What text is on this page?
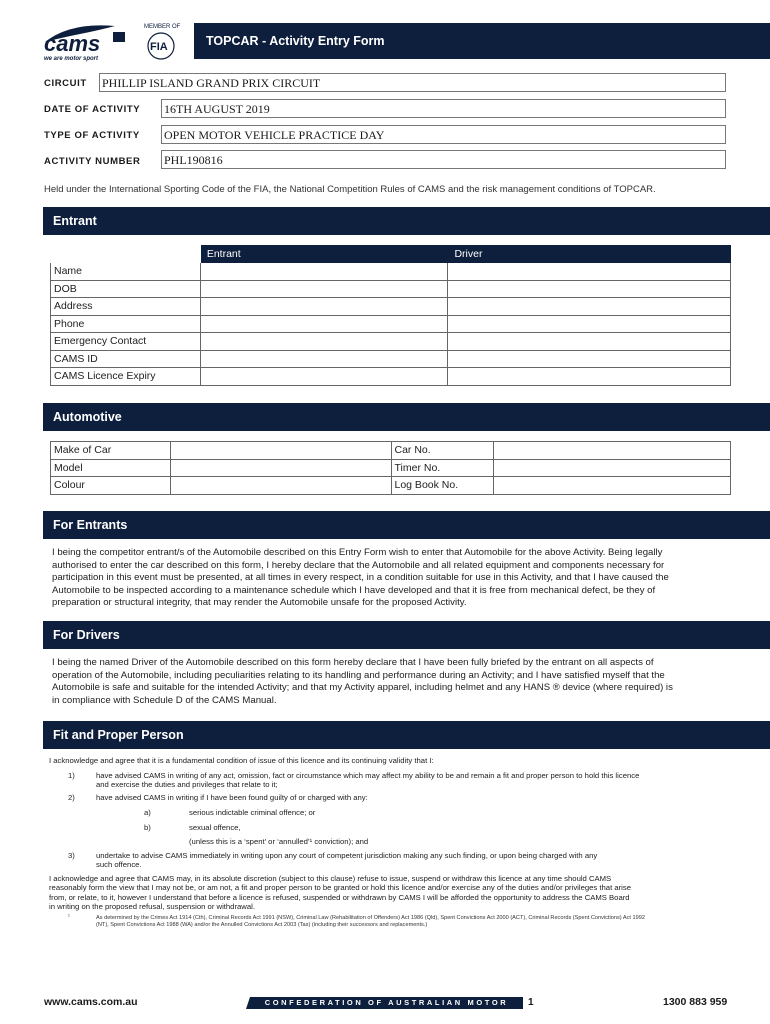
cams
we are motor sport
MEMBER OF
FIA	TOPCAR - Activity Entry Form
CIRCUIT PHILLIP ISLAND GRAND PRIX CIRCUIT
DATE OF ACTIVITY 16TH AUGUST 2019
TYPE OF ACTIVITY OPEN MOTOR VEHICLE PRACTICE DAY
ACTIVITY NUMBER PHL190816
Held under the International Sporting Code of the FIA, the National Competition Rules of CAMS and the risk management conditions of TOPCAR.
Entrant
	Entrant	Driver
Name		
DOB		
Address		
Phone		
Emergency Contact		
CAMS ID		
CAMS Licence Expiry		
Automotive
Make of Car		Car No.	
Model		Timer No.	
Colour		Log Book No.	
For Entrants
I being the competitor entrant/s of the Automobile described on this Entry Form wish to enter that Automobile for the above Activity. Being legally
authorised to enter the car described on this form, I hereby declare that the Automobile and all related equipment and components necessary for
participation in this event must be presented, at all times in every respect, in a condition suitable for use in this Activity, and that I have caused the
Automobile to be inspected according to a maintenance schedule which I have developed and that it is free from mechanical defect, be they of
preparation or structural integrity, that may render the Automobile unsafe for the proposed Activity.
For Drivers
I being the named Driver of the Automobile described on this form hereby declare that I have been fully briefed by the entrant on all aspects of
operation of the Automobile, including peculiarities relating to its handling and performance during an Activity; and I have satisfied myself that the
Automobile is safe and suitable for the intended Activity; and that my Activity apparel, including helmet and any HANS ® device (where required) is
in compliance with Schedule D of the CAMS Manual.
Fit and Proper Person
I acknowledge and agree that it is a fundamental condition of issue of this licence and its continuing validity that I:
1)	have advised CAMS in writing of any act, omission, fact or circumstance which may affect my ability to be and remain a fit and proper person to hold this licence
and exercise the duties and privileges that relate to it;
2)	have advised CAMS in writing if I have been found guilty of or charged with any:
a)	serious indictable criminal offence; or
b)	sexual offence,
(unless this is a ‘spent’ or ‘annulled’¹ conviction); and
3)	undertake to advise CAMS immediately in writing upon any court of competent jurisdiction making any such finding, or upon being charged with any
such offence.
I acknowledge and agree that CAMS may, in its absolute discretion (subject to this clause) refuse to issue, suspend or withdraw this licence at any time should CAMS
reasonably form the view that I may not be, or am not, a fit and proper person to be granted or hold this licence and/or exercise any of the duties and/or privileges that arise
from, or relate, to it, however I understand that before a licence is refused, suspended or withdrawn by CAMS I will be afforded the opportunity to address the CAMS Board
in writing on the proposed refusal, suspension or withdrawal.
¹	As determined by the Crimes Act 1914 (Cth), Criminal Records Act 1991 (NSW), Criminal Law (Rehabilitation of Offenders) Act 1986 (Qld), Spent Convictions Act 2000 (ACT), Criminal Records (Spent Convictions) Act 1992
(NT), Spent Convictions Act 1988 (WA) and/or the Annulled Convictions Act 2003 (Tas) (including their successors and replacements.)
www.cams.com.au	CONFEDERATION OF AUSTRALIAN MOTOR SPORT
1	1300 883 959
